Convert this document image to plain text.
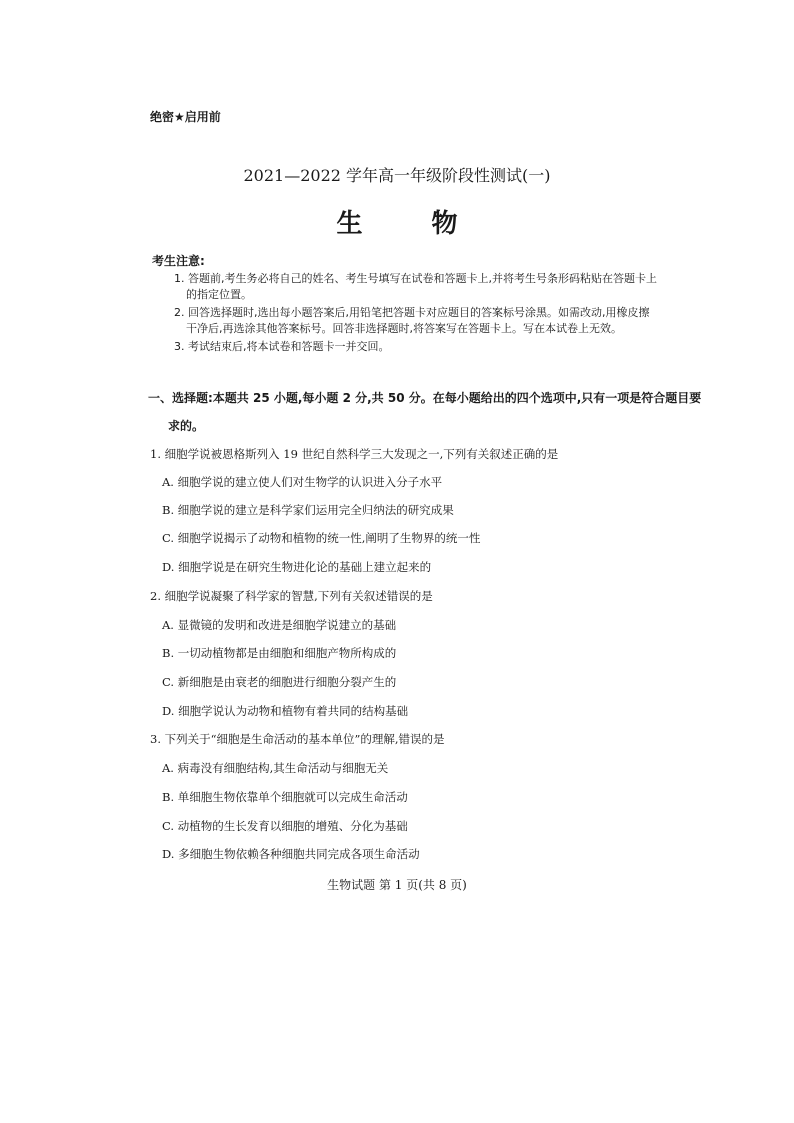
绝密★启用前
2021—2022 学年高一年级阶段性测试(一)
生 物
考生注意:
1. 答题前,考生务必将自己的姓名、考生号填写在试卷和答题卡上,并将考生号条形码粘贴在答题卡上
的指定位置。
2. 回答选择题时,选出每小题答案后,用铅笔把答题卡对应题目的答案标号涂黑。如需改动,用橡皮擦
干净后,再选涂其他答案标号。回答非选择题时,将答案写在答题卡上。写在本试卷上无效。
3. 考试结束后,将本试卷和答题卡一并交回。
一、选择题:本题共 25 小题,每小题 2 分,共 50 分。在每小题给出的四个选项中,只有一项是符合题目要
求的。
1. 细胞学说被恩格斯列入 19 世纪自然科学三大发现之一,下列有关叙述正确的是
A. 细胞学说的建立使人们对生物学的认识进入分子水平
B. 细胞学说的建立是科学家们运用完全归纳法的研究成果
C. 细胞学说揭示了动物和植物的统一性,阐明了生物界的统一性
D. 细胞学说是在研究生物进化论的基础上建立起来的
2. 细胞学说凝聚了科学家的智慧,下列有关叙述错误的是
A. 显微镜的发明和改进是细胞学说建立的基础
B. 一切动植物都是由细胞和细胞产物所构成的
C. 新细胞是由衰老的细胞进行细胞分裂产生的
D. 细胞学说认为动物和植物有着共同的结构基础
3. 下列关于“细胞是生命活动的基本单位”的理解,错误的是
A. 病毒没有细胞结构,其生命活动与细胞无关
B. 单细胞生物依靠单个细胞就可以完成生命活动
C. 动植物的生长发育以细胞的增殖、分化为基础
D. 多细胞生物依赖各种细胞共同完成各项生命活动
生物试题 第 1 页(共 8 页)
